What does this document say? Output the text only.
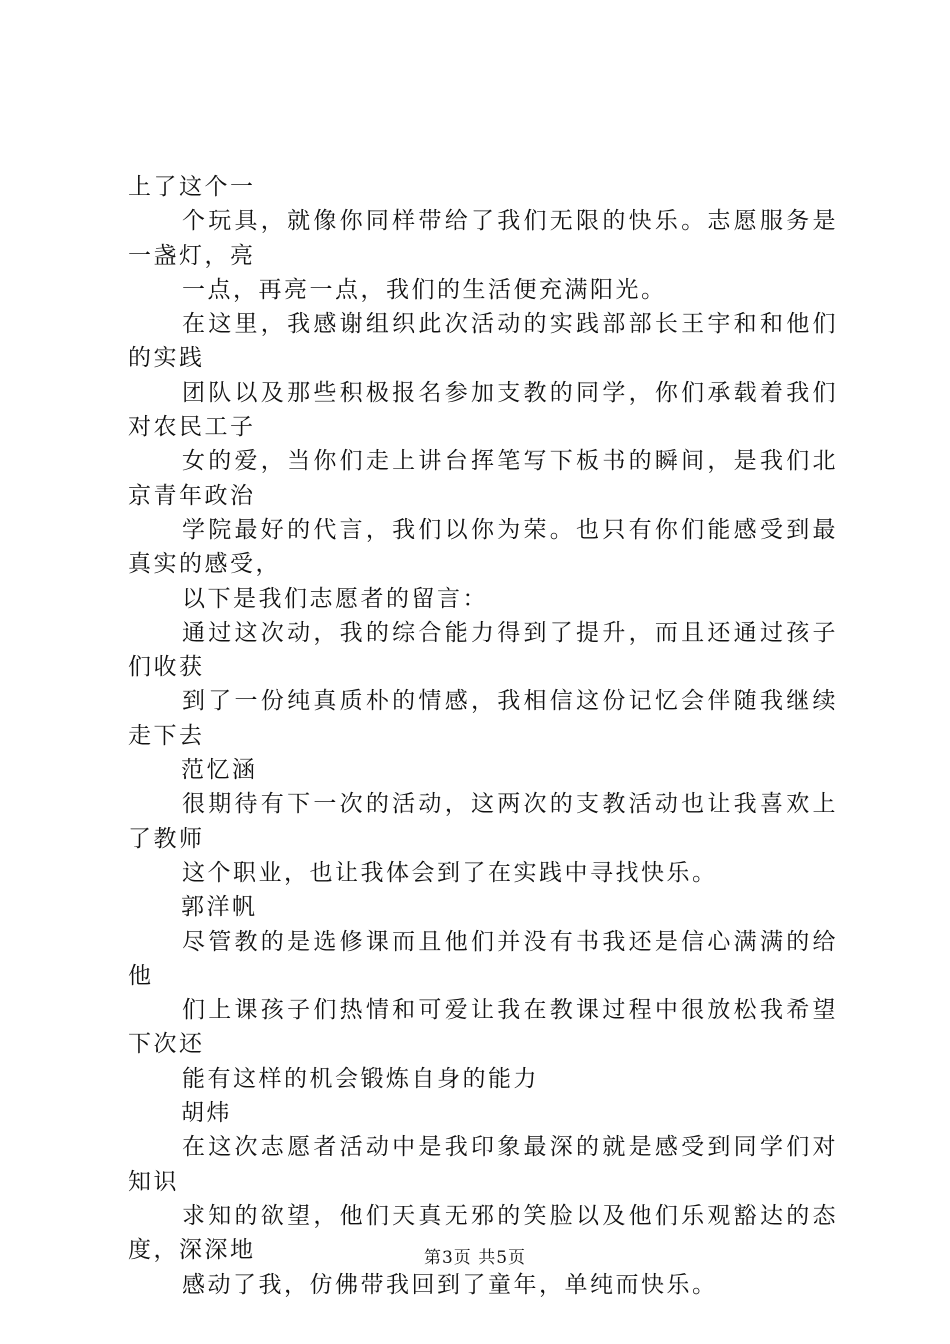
上了这个一

个玩具，就像你同样带给了我们无限的快乐。志愿服务是一盏灯，亮

一点，再亮一点，我们的生活便充满阳光。

在这里，我感谢组织此次活动的实践部部长王宇和和他们的实践

团队以及那些积极报名参加支教的同学，你们承载着我们对农民工子

女的爱，当你们走上讲台挥笔写下板书的瞬间，是我们北京青年政治

学院最好的代言，我们以你为荣。也只有你们能感受到最真实的感受，

以下是我们志愿者的留言：

通过这次动，我的综合能力得到了提升，而且还通过孩子们收获

到了一份纯真质朴的情感，我相信这份记忆会伴随我继续走下去

范忆涵

很期待有下一次的活动，这两次的支教活动也让我喜欢上了教师

这个职业，也让我体会到了在实践中寻找快乐。

郭洋帆

尽管教的是选修课而且他们并没有书我还是信心满满的给他

们上课孩子们热情和可爱让我在教课过程中很放松我希望下次还

能有这样的机会锻炼自身的能力

胡炜

在这次志愿者活动中是我印象最深的就是感受到同学们对知识

求知的欲望，他们天真无邪的笑脸以及他们乐观豁达的态度，深深地

感动了我，仿佛带我回到了童年，单纯而快乐。

第3页 共5页
